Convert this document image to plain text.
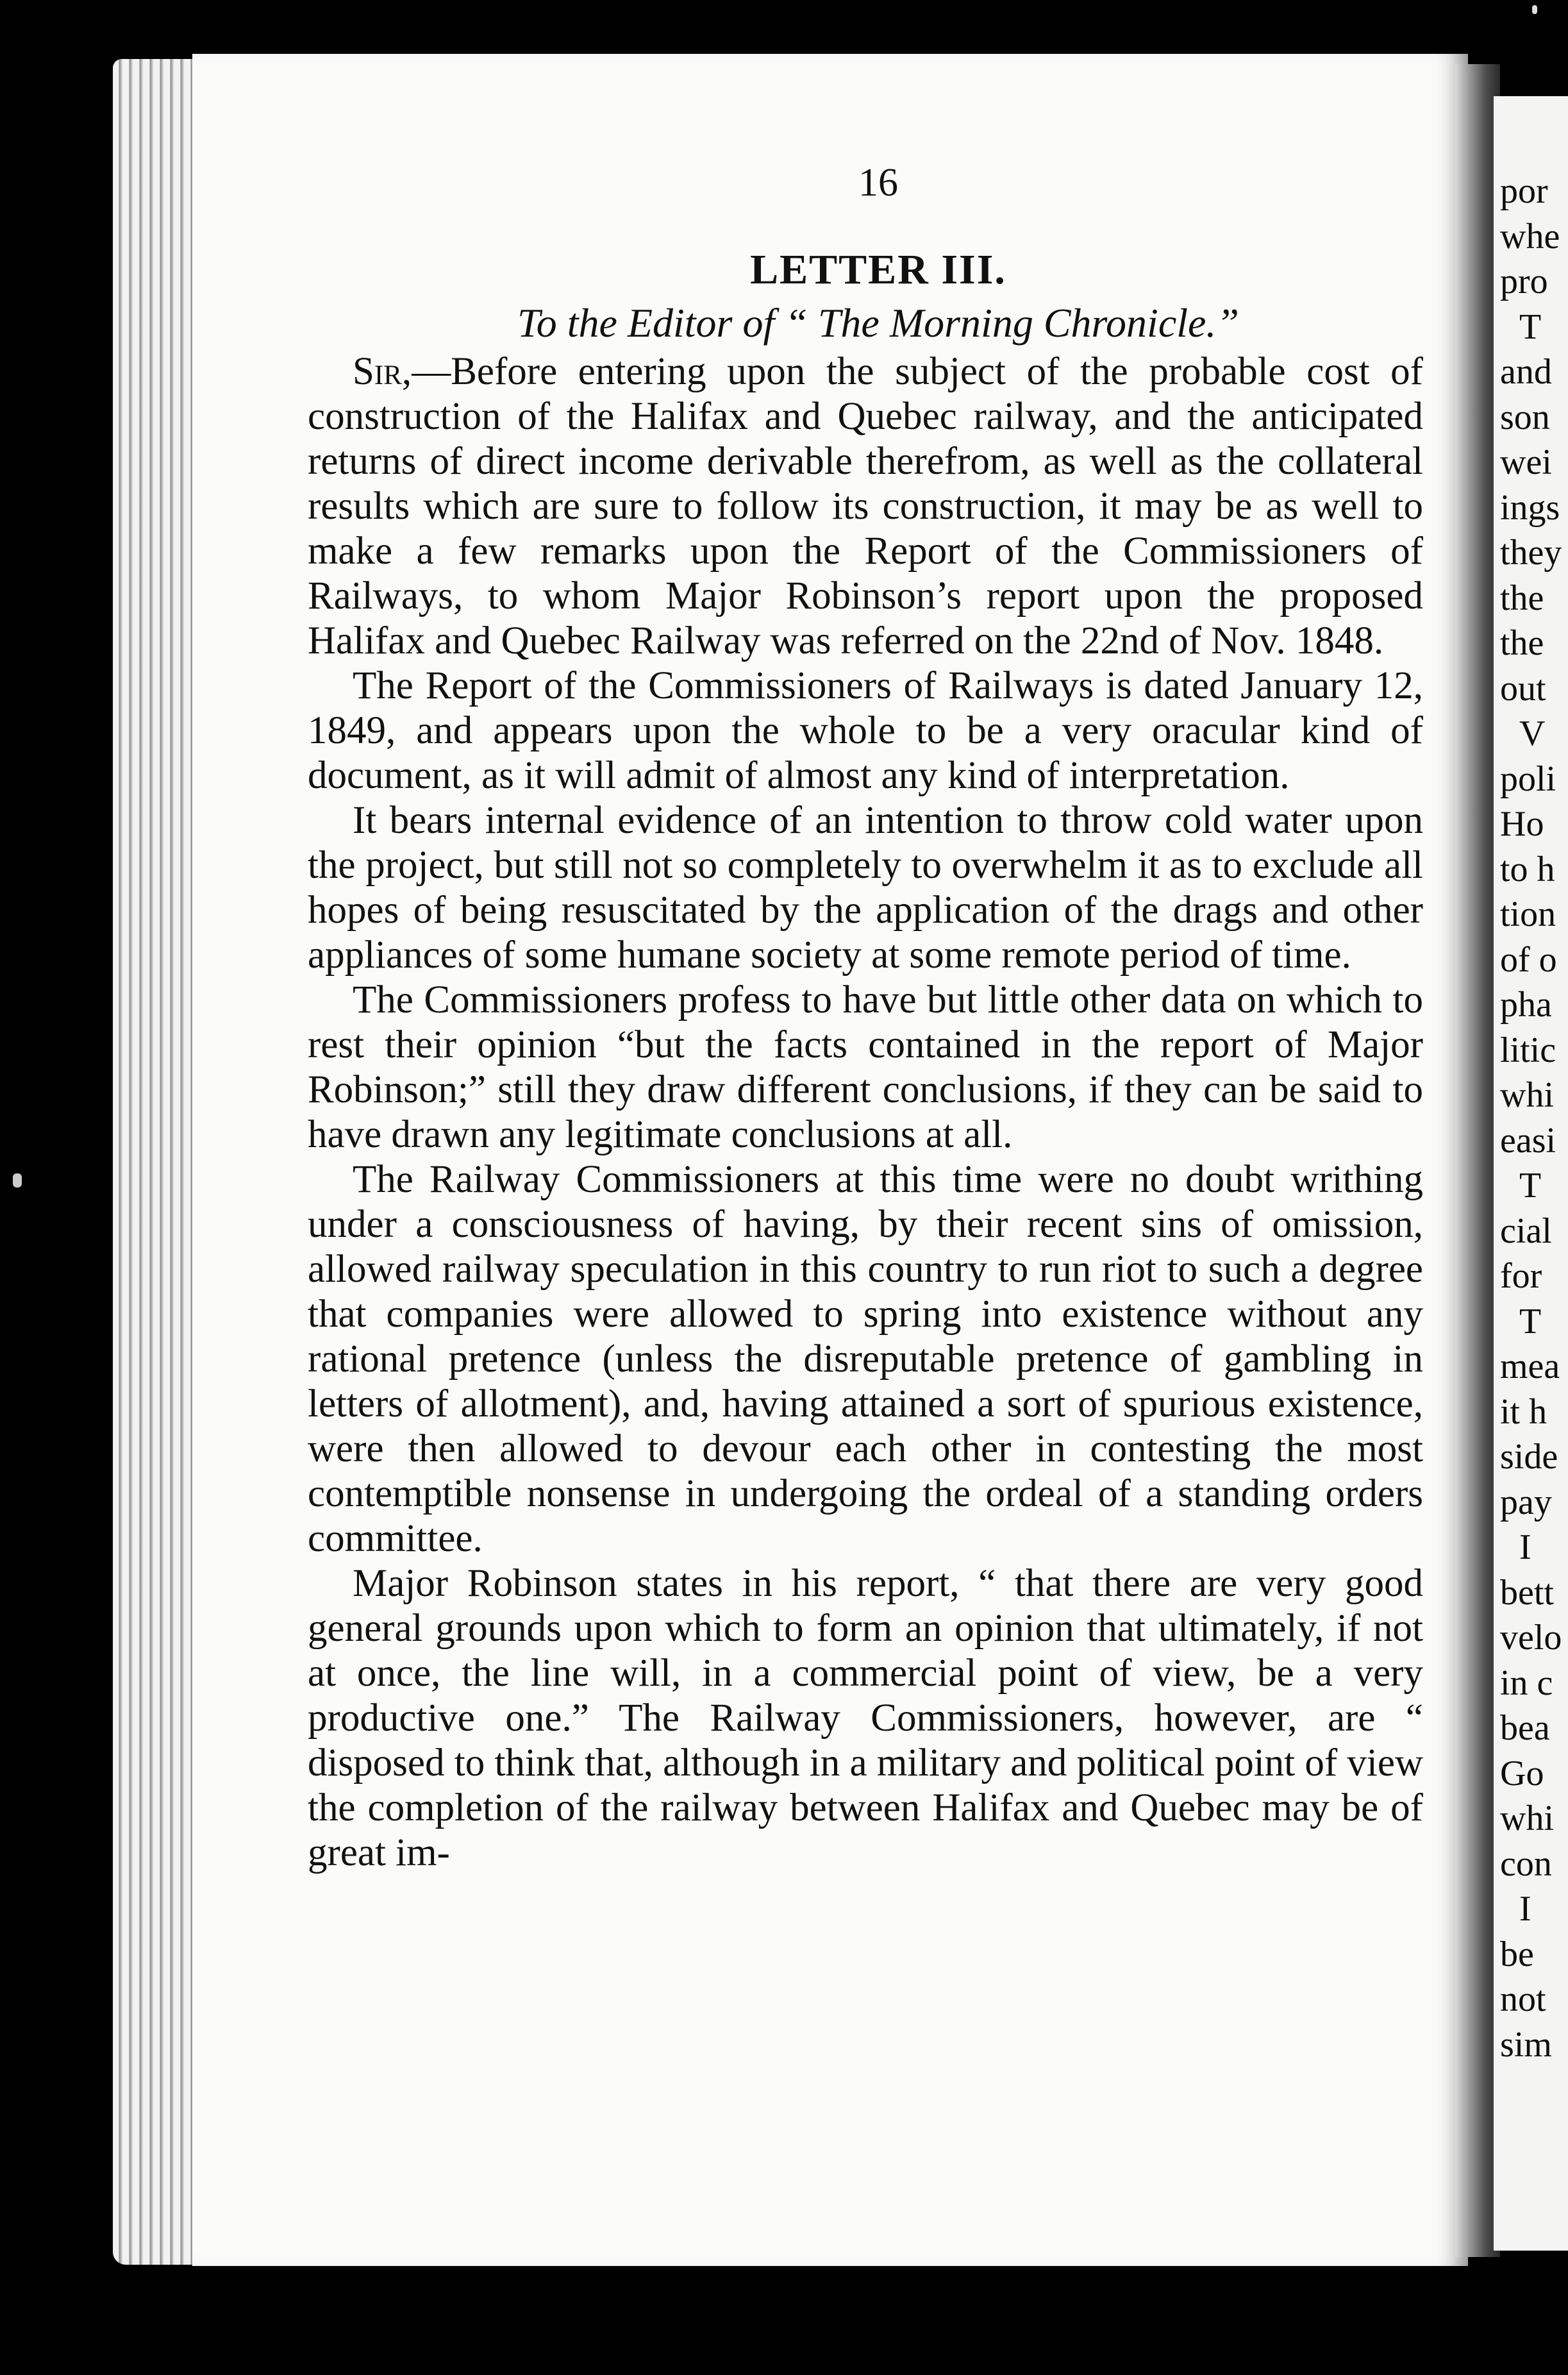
por
whe
pro
T
and
son
wei
ings
they
the
the
out
V
poli
Ho
to h
tion
of o
pha
litic
whi
easi
T
cial
for
T
mea
it h
side
pay
I
bett
velo
in c
bea
Go
whi
con
I
be
not
sim
16
LETTER III.
To the Editor of “ The Morning Chronicle.”

Sir,—Before entering upon the subject of the probable cost of construction of the Halifax and Quebec railway, and the anticipated returns of direct income derivable therefrom, as well as the collateral results which are sure to follow its construction, it may be as well to make a few remarks upon the Report of the Commissioners of Railways, to whom Major Robinson’s report upon the proposed Halifax and Quebec Railway was referred on the 22nd of Nov. 1848.

The Report of the Commissioners of Railways is dated January 12, 1849, and appears upon the whole to be a very oracular kind of document, as it will admit of almost any kind of interpretation.

It bears internal evidence of an intention to throw cold water upon the project, but still not so completely to overwhelm it as to exclude all hopes of being resuscitated by the application of the drags and other appliances of some humane society at some remote period of time.

The Commissioners profess to have but little other data on which to rest their opinion “but the facts contained in the report of Major Robinson;” still they draw different conclusions, if they can be said to have drawn any legitimate conclusions at all.

The Railway Commissioners at this time were no doubt writhing under a consciousness of having, by their recent sins of omission, allowed railway speculation in this country to run riot to such a degree that companies were allowed to spring into existence without any rational pretence (unless the disreputable pretence of gambling in letters of allotment), and, having attained a sort of spurious existence, were then allowed to devour each other in contesting the most contemptible nonsense in undergoing the ordeal of a standing orders committee.

Major Robinson states in his report, “ that there are very good general grounds upon which to form an opinion that ultimately, if not at once, the line will, in a commercial point of view, be a very productive one.” The Railway Commissioners, however, are “ disposed to think that, although in a military and political point of view the completion of the railway between Halifax and Quebec may be of great im-
